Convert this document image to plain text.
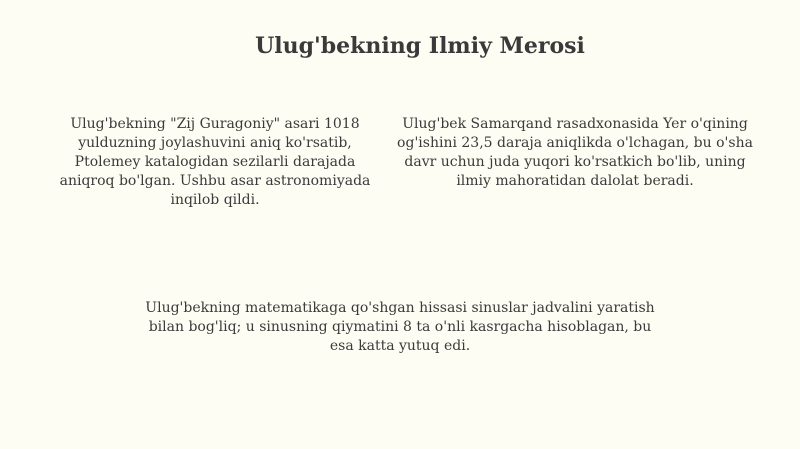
Ulug'bekning Ilmiy Merosi

Ulug'bekning "Zij Guragoniy" asari 1018 yulduzning joylashuvini aniq ko'rsatib, Ptolemey katalogidan sezilarli darajada aniqroq bo'lgan. Ushbu asar astronomiyada inqilob qildi.

Ulug'bek Samarqand rasadxonasida Yer o'qining og'ishini 23,5 daraja aniqlikda o'lchagan, bu o'sha davr uchun juda yuqori ko'rsatkich bo'lib, uning ilmiy mahoratidan dalolat beradi.

Ulug'bekning matematikaga qo'shgan hissasi sinuslar jadvalini yaratish bilan bog'liq; u sinusning qiymatini 8 ta o'nli kasrgacha hisoblagan, bu esa katta yutuq edi.
